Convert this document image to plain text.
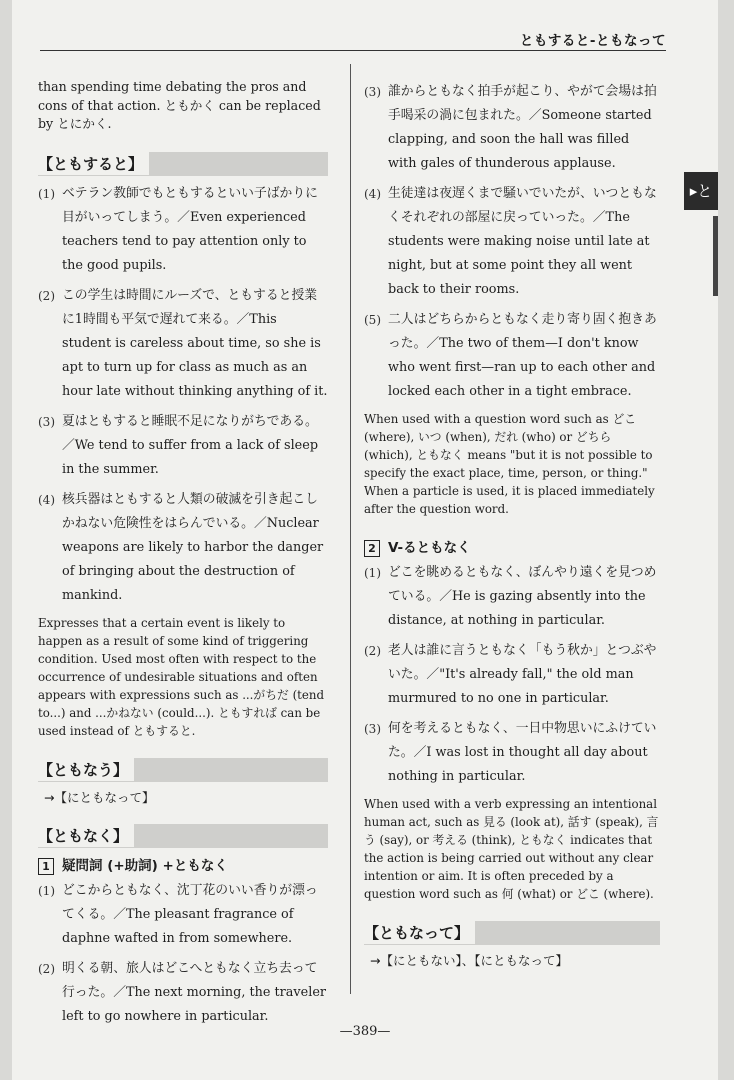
ともすると-ともなって
▸と

than spending time debating the pros and cons of that action. ともかく can be replaced by とにかく.

【ともすると】
(1) ベテラン教師でもともするといい子ばかりに目がいってしまう。／Even experienced teachers tend to pay attention only to the good pupils.
(2) この学生は時間にルーズで、ともすると授業に1時間も平気で遅れて来る。／This student is careless about time, so she is apt to turn up for class as much as an hour late without thinking anything of it.
(3) 夏はともすると睡眠不足になりがちである。／We tend to suffer from a lack of sleep in the summer.
(4) 核兵器はともすると人類の破滅を引き起こしかねない危険性をはらんでいる。／Nuclear weapons are likely to harbor the danger of bringing about the destruction of mankind.

Expresses that a certain event is likely to happen as a result of some kind of triggering condition. Used most often with respect to the occurrence of undesirable situations and often appears with expressions such as ...がちだ (tend to...) and ...かねない (could...). ともすれば can be used instead of ともすると.

【ともなう】
→【にともなって】
【ともなく】
1 疑問詞 (+助詞) +ともなく
(1) どこからともなく、沈丁花のいい香りが漂ってくる。／The pleasant fragrance of daphne wafted in from somewhere.
(2) 明くる朝、旅人はどこへともなく立ち去って行った。／The next morning, the traveler left to go nowhere in particular.
(3) 誰からともなく拍手が起こり、やがて会場は拍手喝采の渦に包まれた。／Someone started clapping, and soon the hall was filled with gales of thunderous applause.
(4) 生徒達は夜遅くまで騒いでいたが、いつともなくそれぞれの部屋に戻っていった。／The students were making noise until late at night, but at some point they all went back to their rooms.
(5) 二人はどちらからともなく走り寄り固く抱きあった。／The two of them—I don't know who went first—ran up to each other and locked each other in a tight embrace.

When used with a question word such as どこ (where), いつ (when), だれ (who) or どちら (which), ともなく means "but it is not possible to specify the exact place, time, person, or thing." When a particle is used, it is placed immediately after the question word.

2 V-るともなく
(1) どこを眺めるともなく、ぼんやり遠くを見つめている。／He is gazing absently into the distance, at nothing in particular.
(2) 老人は誰に言うともなく「もう秋か」とつぶやいた。／"It's already fall," the old man murmured to no one in particular.
(3) 何を考えるともなく、一日中物思いにふけていた。／I was lost in thought all day about nothing in particular.

When used with a verb expressing an intentional human act, such as 見る (look at), 話す (speak), 言う (say), or 考える (think), ともなく indicates that the action is being carried out without any clear intention or aim. It is often preceded by a question word such as 何 (what) or どこ (where).

【ともなって】
→【にともない】、【にともなって】
—389—
